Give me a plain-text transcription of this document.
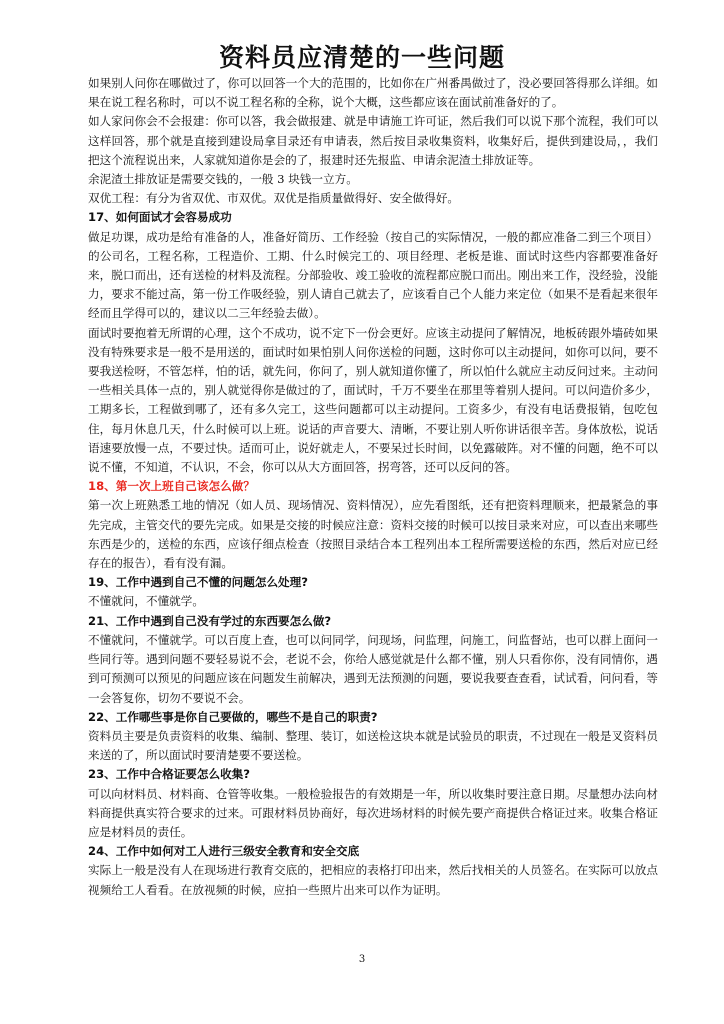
资料员应清楚的一些问题

如果别人问你在哪做过了，你可以回答一个大的范围的，比如你在广州番禺做过了，没必要回答得那么详细。如果在说工程名称时，可以不说工程名称的全称，说个大概，这些都应该在面试前准备好的了。

如人家问你会不会报建：你可以答，我会做报建、就是申请施工许可证，然后我们可以说下那个流程，我们可以这样回答，那个就是直接到建设局拿目录还有申请表，然后按目录收集资料，收集好后，提供到建设局，，我们把这个流程说出来，人家就知道你是会的了，报建时还先报监、申请余泥渣土排放证等。

余泥渣土排放证是需要交钱的，一般 3 块钱一立方。

双优工程：有分为省双优、市双优。双优是指质量做得好、安全做得好。

17、如何面试才会容易成功

做足功课，成功是给有准备的人，准备好简历、工作经验（按自己的实际情况，一般的都应准备二到三个项目）的公司名，工程名称，工程造价、工期、什么时候完工的、项目经理、老板是谁、面试时这些内容都要准备好来，脱口而出，还有送检的材料及流程。分部验收、竣工验收的流程都应脱口而出。刚出来工作，没经验，没能力，要求不能过高，第一份工作吸经验，别人请自己就去了，应该看自己个人能力来定位（如果不是看起来很年经而且学得可以的，建议以二三年经验去做）。

面试时要抱着无所谓的心理，这个不成功，说不定下一份会更好。应该主动提问了解情况，地板砖跟外墙砖如果没有特殊要求是一般不是用送的，面试时如果怕别人问你送检的问题，这时你可以主动提问，如你可以问，要不要我送检呀，不管怎样，怕的话，就先问，你问了，别人就知道你懂了，所以怕什么就应主动反问过来。主动问一些相关具体一点的，别人就觉得你是做过的了，面试时，千万不要坐在那里等着别人提问。可以问造价多少，工期多长，工程做到哪了，还有多久完工，这些问题都可以主动提问。工资多少，有没有电话费报销，包吃包住，每月休息几天，什么时候可以上班。说话的声音要大、清晰，不要让别人听你讲话很辛苦。身体放松，说话语速要放慢一点，不要过快。适而可止，说好就走人，不要呆过长时间，以免露破阵。对不懂的问题，绝不可以说不懂，不知道，不认识，不会，你可以从大方面回答，拐弯答，还可以反问的答。

18、第一次上班自己该怎么做？

第一次上班熟悉工地的情况（如人员、现场情况、资料情况），应先看图纸，还有把资料理顺来，把最紧急的事先完成，主管交代的要先完成。如果是交接的时候应注意：资料交接的时候可以按目录来对应，可以查出来哪些东西是少的，送检的东西，应该仔细点检查（按照目录结合本工程列出本工程所需要送检的东西，然后对应已经存在的报告），看有没有漏。

19、工作中遇到自己不懂的问题怎么处理?

不懂就问，不懂就学。

21、工作中遇到自己没有学过的东西要怎么做?

不懂就问，不懂就学。可以百度上查，也可以问同学，问现场，问监理，问施工，问监督站，也可以群上面问一些同行等。遇到问题不要轻易说不会，老说不会，你给人感觉就是什么都不懂，别人只看你你，没有同情你，遇到可预测可以预见的问题应该在问题发生前解决，遇到无法预测的问题，要说我要查查看，试试看，问问看，等一会答复你，切勿不要说不会。

22、工作哪些事是你自己要做的，哪些不是自己的职责?

资料员主要是负责资料的收集、编制、整理、装订，如送检这块本就是试验员的职责，不过现在一般是叉资料员来送的了，所以面试时要清楚要不要送检。

23、工作中合格证要怎么收集?

可以向材料员、材料商、仓管等收集。一般检验报告的有效期是一年，所以收集时要注意日期。尽量想办法向材料商提供真实符合要求的过来。可跟材料员协商好，每次进场材料的时候先要产商提供合格证过来。收集合格证应是材料员的责任。

24、工作中如何对工人进行三级安全教育和安全交底

实际上一般是没有人在现场进行教育交底的，把相应的表格打印出来，然后找相关的人员签名。在实际可以放点视频给工人看看。在放视频的时候，应拍一些照片出来可以作为证明。

3
